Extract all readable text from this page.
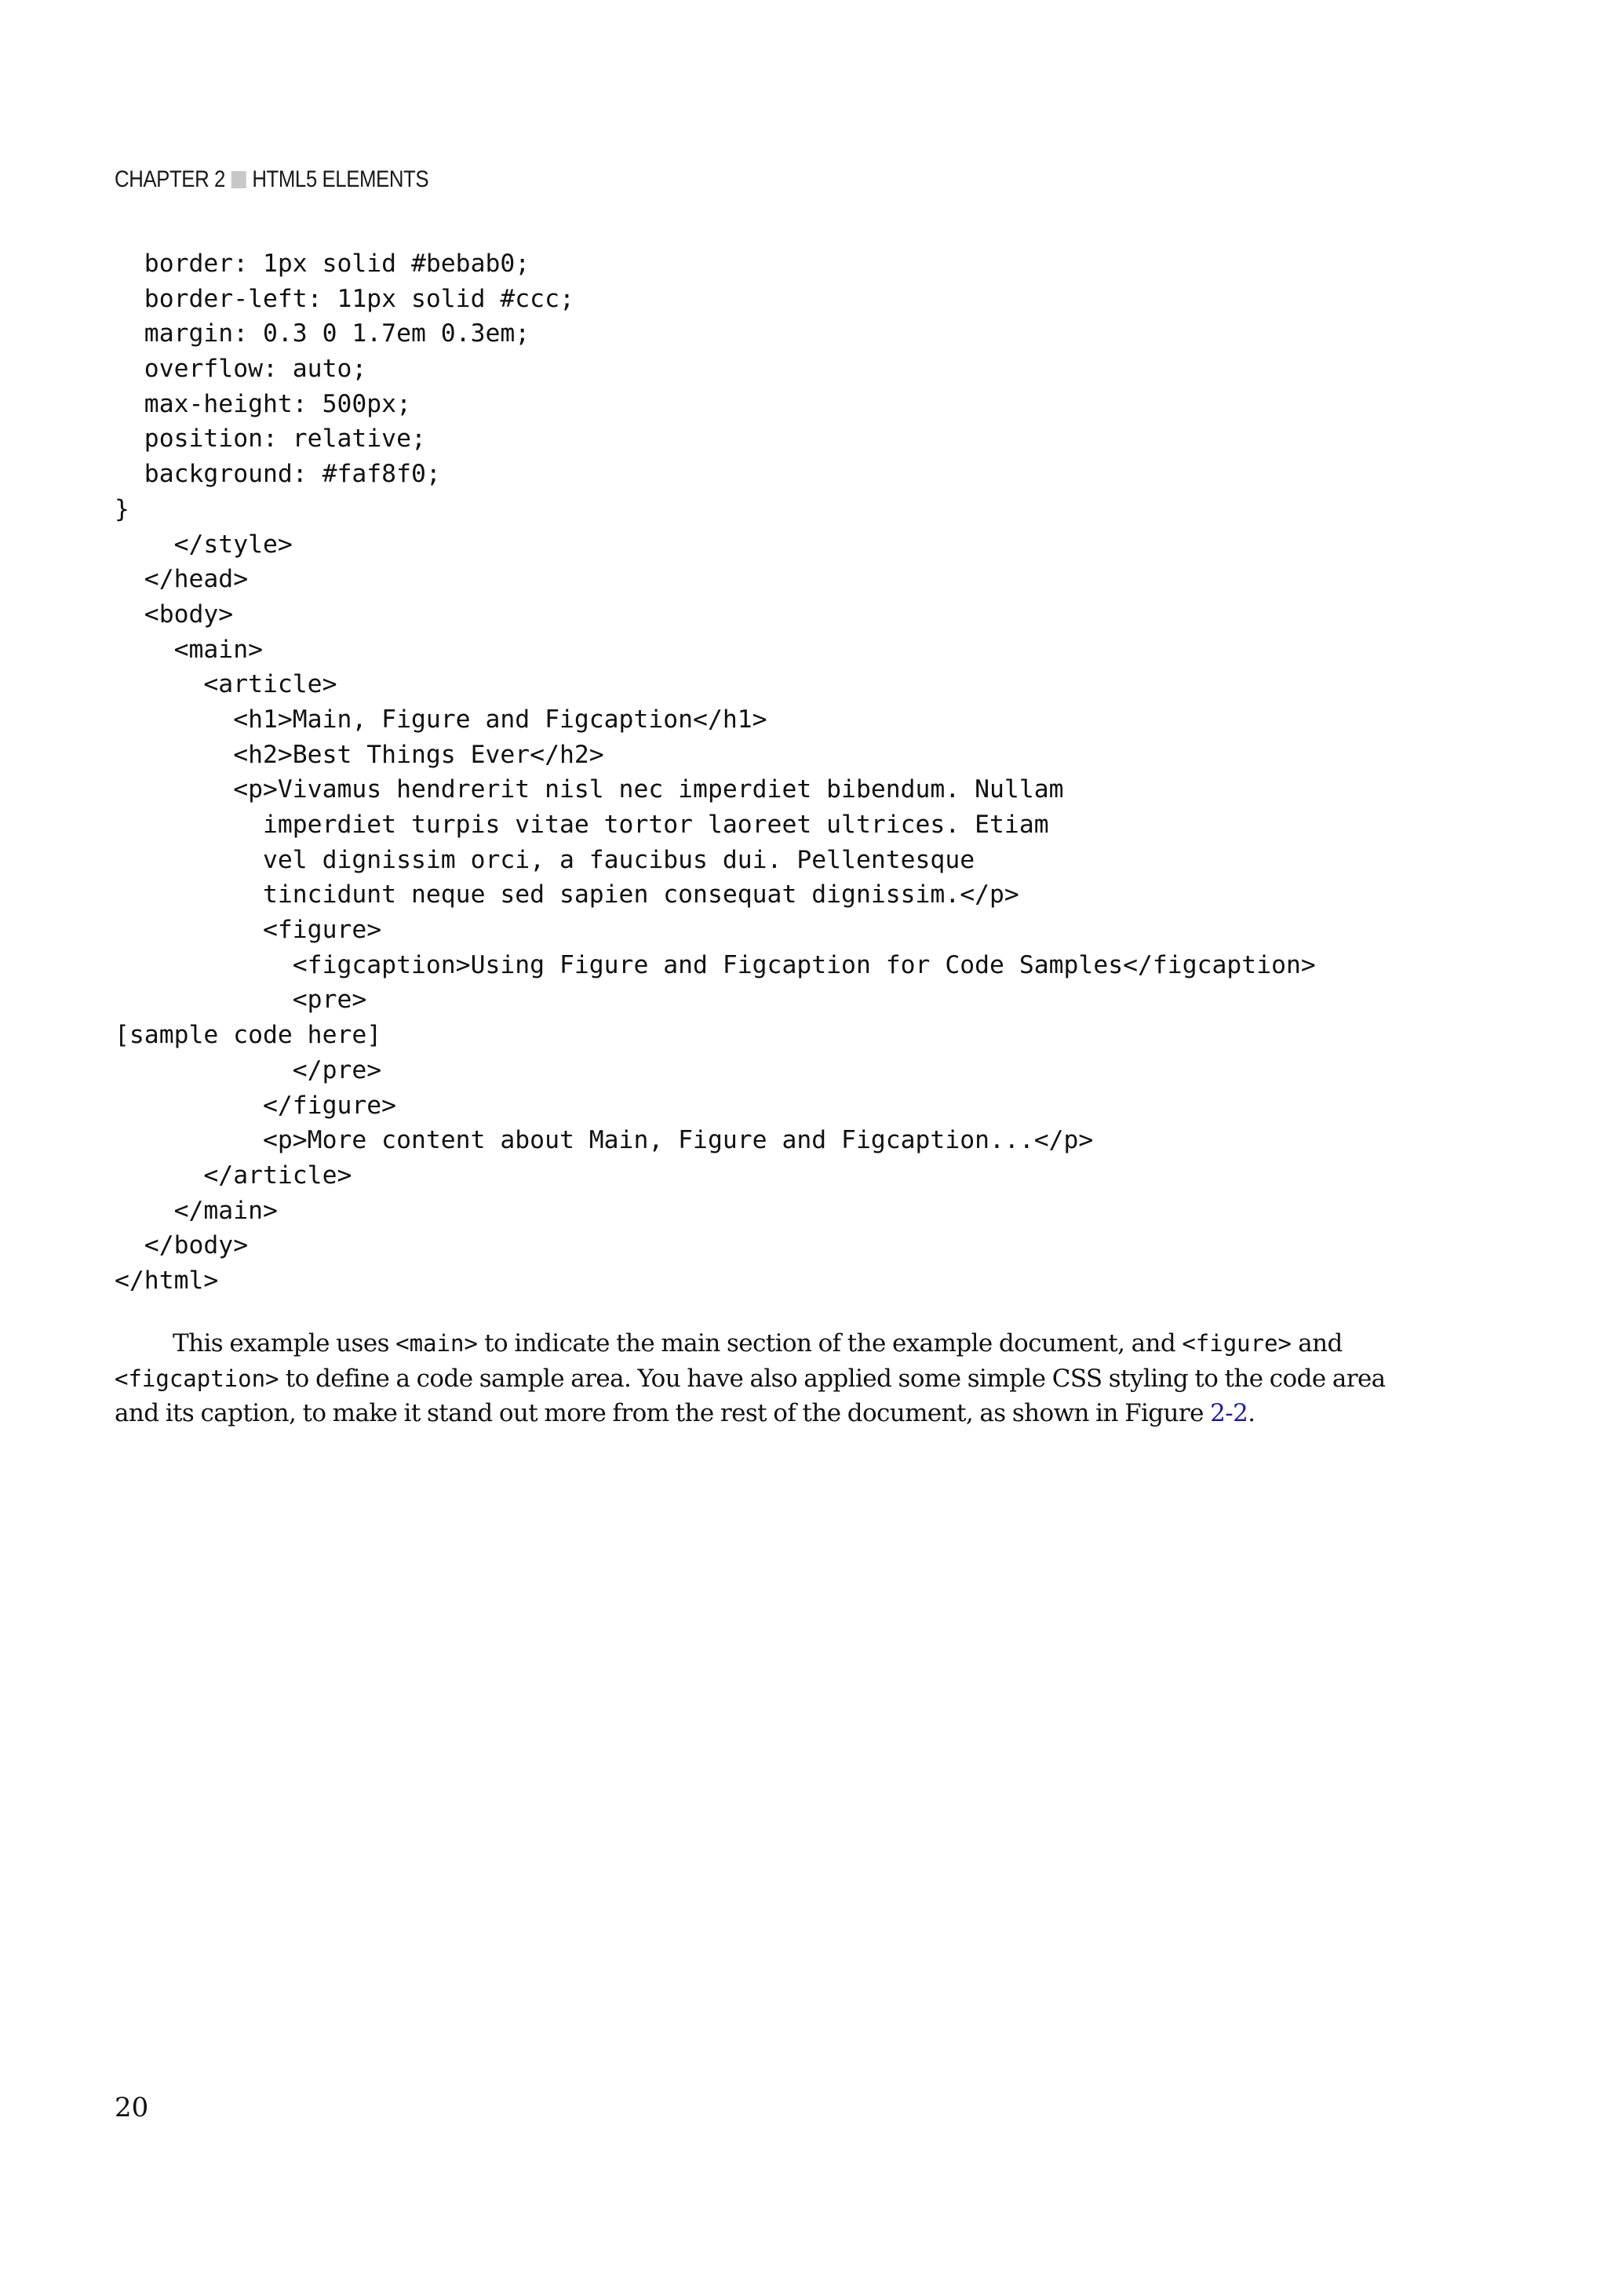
CHAPTER 2 HTML5 ELEMENTS
border: 1px solid #bebab0;
border-left: 11px solid #ccc;
margin: 0.3 0 1.7em 0.3em;
overflow: auto;
max-height: 500px;
position: relative;
background: #faf8f0;
}
</style>
</head>
<body>
<main>
<article>
<h1>Main, Figure and Figcaption</h1>
<h2>Best Things Ever</h2>
<p>Vivamus hendrerit nisl nec imperdiet bibendum. Nullam
imperdiet turpis vitae tortor laoreet ultrices. Etiam
vel dignissim orci, a faucibus dui. Pellentesque
tincidunt neque sed sapien consequat dignissim.</p>
<figure>
<figcaption>Using Figure and Figcaption for Code Samples</figcaption>
<pre>
[sample code here]
</pre>
</figure>
<p>More content about Main, Figure and Figcaption...</p>
</article>
</main>
</body>
</html>

This example uses <main> to indicate the main section of the example document, and <figure> and <figcaption> to define a code sample area. You have also applied some simple CSS styling to the code area and its caption, to make it stand out more from the rest of the document, as shown in Figure 2-2.

20
